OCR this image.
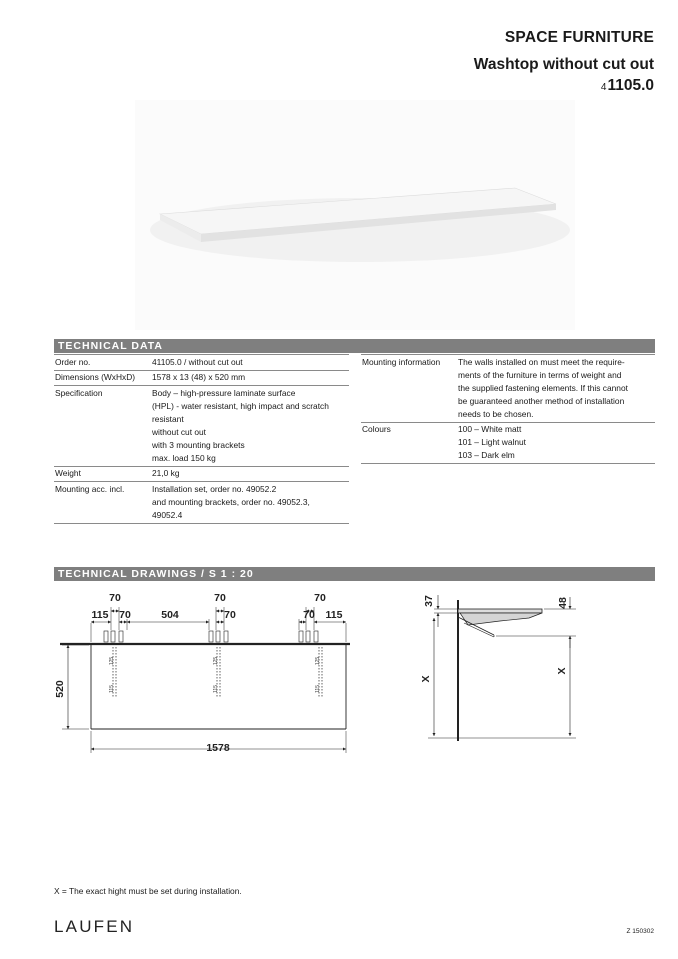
SPACE FURNITURE
Washtop without cut out
41105.0
TECHNICAL DATA
Order no.	41105.0 / without cut out
Dimensions (WxHxD)	1578 x 13 (48) x 520 mm
Specification	Body – high-pressure laminate surface
(HPL) - water resistant, high impact and scratch
resistant
without cut out
with 3 mounting brackets
max. load 150 kg
Weight	21,0 kg
Mounting acc. incl.	Installation set, order no. 49052.2
and mounting brackets, order no. 49052.3,
49052.4
Mounting information	The walls installed on must meet the require-
ments of the furniture in terms of weight and
the supplied fastening elements. If this cannot
be guaranteed another method of installation
needs to be chosen.
Colours	100 – White matt
101 – Light walnut
103 – Dark elm
TECHNICAL DRAWINGS / S 1 : 20
70	70	70
115 70	504	70	70 115
1578
520
125
115
125
115
125
115
37	48
X
X
X = The exact hight must be set during installation.
LAUFEN	Z 150302
